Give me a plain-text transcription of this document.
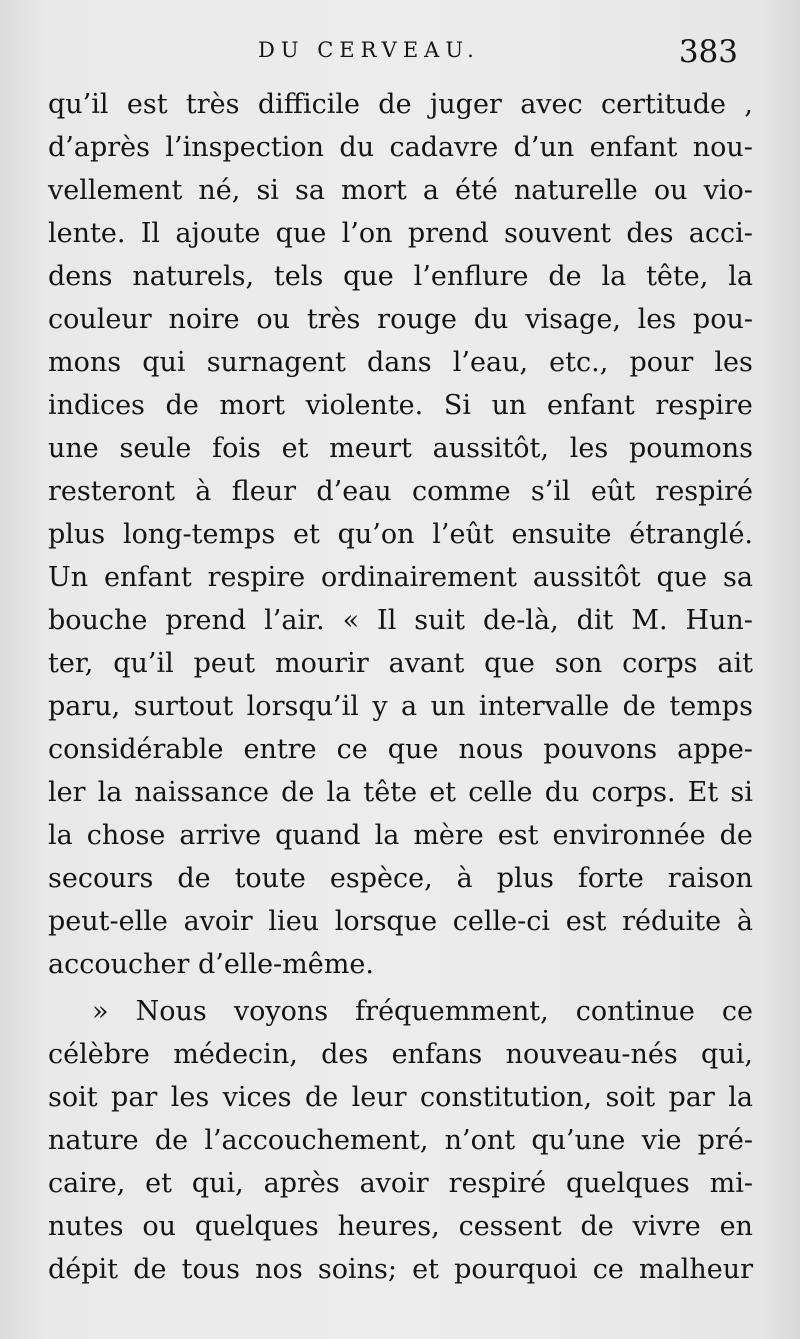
DU CERVEAU.	383
qu’il est très difficile de juger avec certitude ,
d’après l’inspection du cadavre d’un enfant nou-
vellement né, si sa mort a été naturelle ou vio-
lente. Il ajoute que l’on prend souvent des acci-
dens naturels, tels que l’enflure de la tête, la
couleur noire ou très rouge du visage, les pou-
mons qui surnagent dans l’eau, etc., pour les
indices de mort violente. Si un enfant respire
une seule fois et meurt aussitôt, les poumons
resteront à fleur d’eau comme s’il eût respiré
plus long-temps et qu’on l’eût ensuite étranglé.
Un enfant respire ordinairement aussitôt que sa
bouche prend l’air. « Il suit de-là, dit M. Hun-
ter, qu’il peut mourir avant que son corps ait
paru, surtout lorsqu’il y a un intervalle de temps
considérable entre ce que nous pouvons appe-
ler la naissance de la tête et celle du corps. Et si
la chose arrive quand la mère est environnée de
secours de toute espèce, à plus forte raison
peut-elle avoir lieu lorsque celle-ci est réduite à
accoucher d’elle-même.
» Nous voyons fréquemment, continue ce
célèbre médecin, des enfans nouveau-nés qui,
soit par les vices de leur constitution, soit par la
nature de l’accouchement, n’ont qu’une vie pré-
caire, et qui, après avoir respiré quelques mi-
nutes ou quelques heures, cessent de vivre en
dépit de tous nos soins; et pourquoi ce malheur
